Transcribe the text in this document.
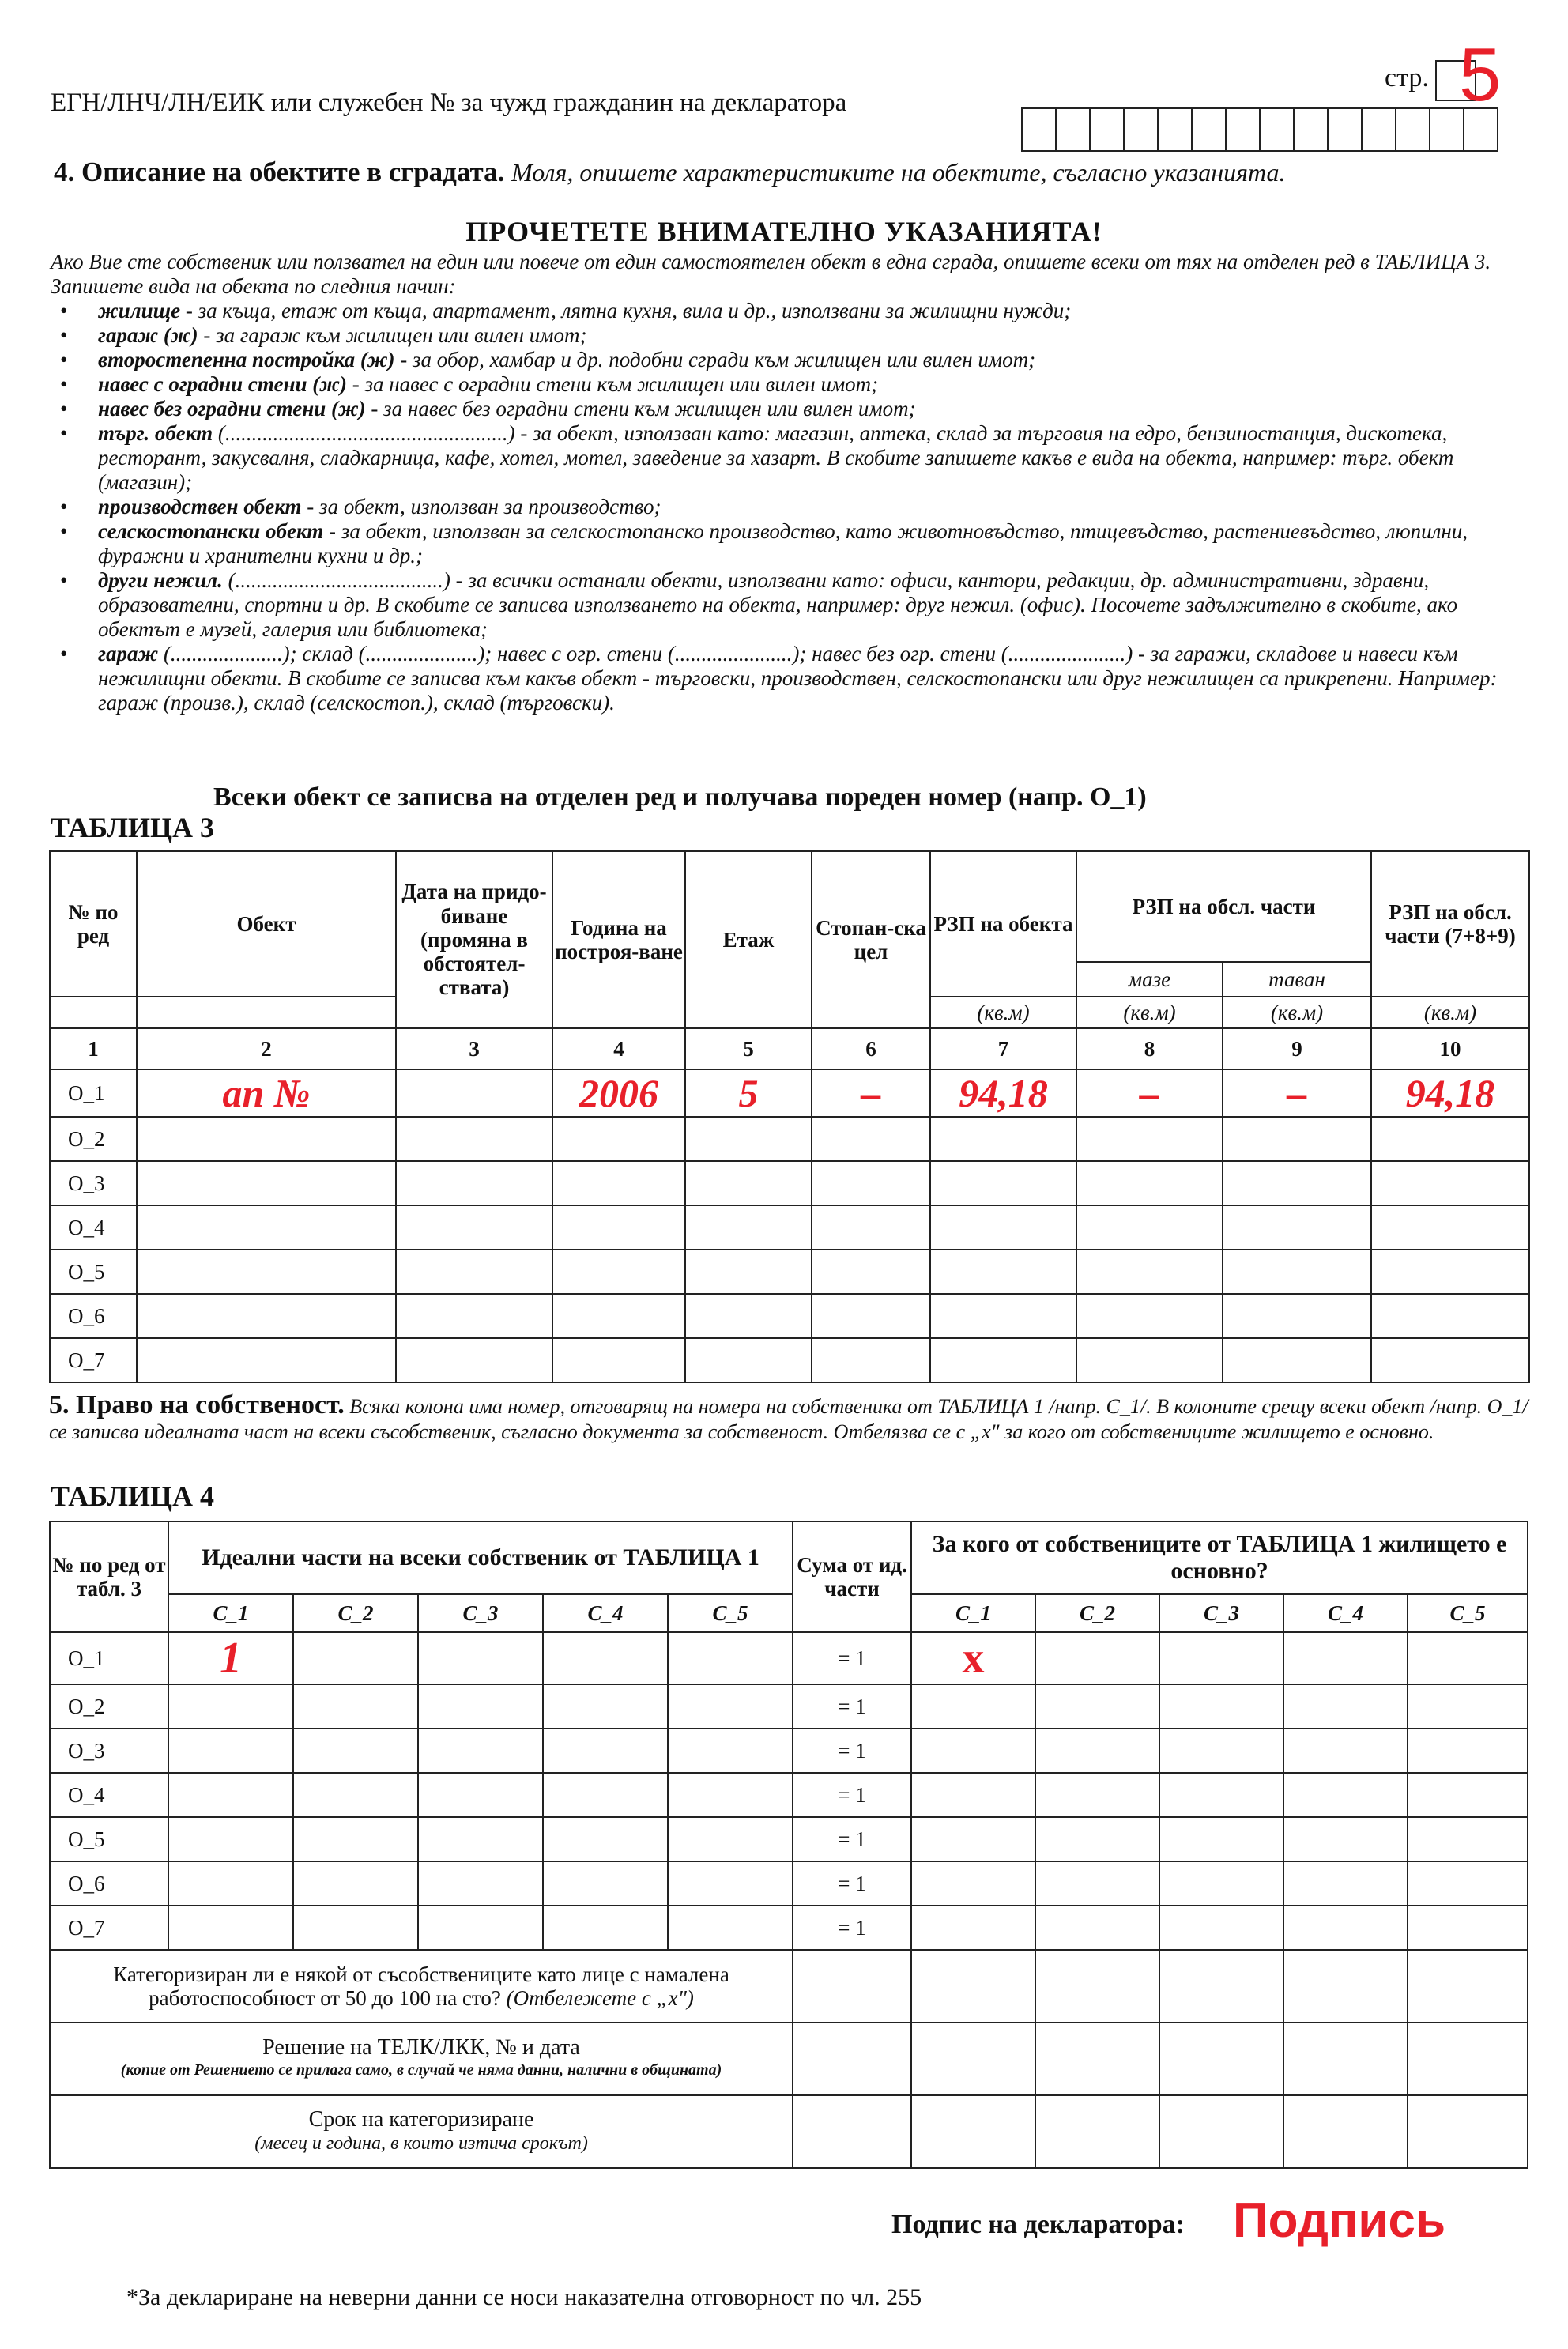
стр. 5
ЕГН/ЛНЧ/ЛН/ЕИК или служебен № за чужд гражданин на декларатора
4. Описание на обектите в сградата. Моля, опишете характеристиките на обектите, съгласно указанията.
ПРОЧЕТЕТЕ ВНИМАТЕЛНО УКАЗАНИЯТА!

Ако Вие сте собственик или ползвател на един или повече от един самостоятелен обект в една сграда, опишете всеки от тях на отделен ред в ТАБЛИЦА 3. Запишете вида на обекта по следния начин:

• жилище - за къща, етаж от къща, апартамент, лятна кухня, вила и др., използвани за жилищни нужди;
• гараж (ж) - за гараж към жилищен или вилен имот;
• второстепенна постройка (ж) - за обор, хамбар и др. подобни сгради към жилищен или вилен имот;
• навес с оградни стени (ж) - за навес с оградни стени към жилищен или вилен имот;
• навес без оградни стени (ж) - за навес без оградни стени към жилищен или вилен имот;
• търг. обект (.....................................................) - за обект, използван като: магазин, аптека, склад за търговия на едро, бензиностанция, дискотека, ресторант, закусвалня, сладкарница, кафе, хотел, мотел, заведение за хазарт. В скобите запишете какъв е вида на обекта, например: търг. обект (магазин);
• производствен обект - за обект, използван за производство;
• селскостопански обект - за обект, използван за селскостопанско производство, като животновъдство, птицевъдство, растениевъдство, люпилни, фуражни и хранителни кухни и др.;
• други нежил. (.......................................) - за всички останали обекти, използвани като: офиси, кантори, редакции, др. административни, здравни, образователни, спортни и др. В скобите се записва използването на обекта, например: друг нежил. (офис). Посочете задължително в скобите, ако обектът е музей, галерия или библиотека;
• гараж (.....................); склад (.....................); навес с огр. стени (......................); навес без огр. стени (......................) - за гаражи, складове и навеси към нежилищни обекти. В скобите се записва към какъв обект - търговски, производствен, селскостопански или друг нежилищен са прикрепени. Например: гараж (произв.), склад (селскостоп.), склад (търговски).
Всеки обект се записва на отделен ред и получава пореден номер (напр. О_1)
ТАБЛИЦА 3
№ по ред	Обект	Дата на придо-биване (промяна в обстоятел-ствата)	Година на построя-ване	Етаж	Стопан-ска цел	РЗП на обекта	РЗП на обсл. части		РЗП на обсл. части (7+8+9)
							мазе	таван	
						(кв.м)	(кв.м)	(кв.м)	(кв.м)
1	2	3	4	5	6	7	8	9	10
О_1	ап №		2006	5	–	94,18	–	–	94,18
О_2									
О_3									
О_4									
О_5									
О_6									
О_7									
5. Право на собственост. Всяка колона има номер, отговарящ на номера на собственика от ТАБЛИЦА 1 /напр. С_1/. В колоните срещу всеки обект /напр. О_1/ се записва идеалната част на всеки съсобственик, съгласно документа за собственост. Отбелязва се с „х" за кого от собствениците жилището е основно.
ТАБЛИЦА 4
№ по ред от табл. 3	Идеални части на всеки собственик от ТАБЛИЦА 1					Сума от ид. части	За кого от собствениците от ТАБЛИЦА 1 жилището е основно?				
	С_1	С_2	С_3	С_4	С_5		С_1	С_2	С_3	С_4	С_5
О_1	1					= 1	х				
О_2						= 1					
О_3						= 1					
О_4						= 1					
О_5						= 1					
О_6						= 1					
О_7						= 1					
Категоризиран ли е някой от съсобствениците като лице с намалена работоспособност от 50 до 100 на сто? (Отбележете с „х")											

Решение на ТЕЛК/ЛКК, № и дата
(копие от Решението се прилага само, в случай че няма данни, налични в общината)											

Срок на категоризиране
(месец и година, в които изтича срокът)											

Подпис на декларатора: Подпись
*За деклариране на неверни данни се носи наказателна отговорност по чл. 255
